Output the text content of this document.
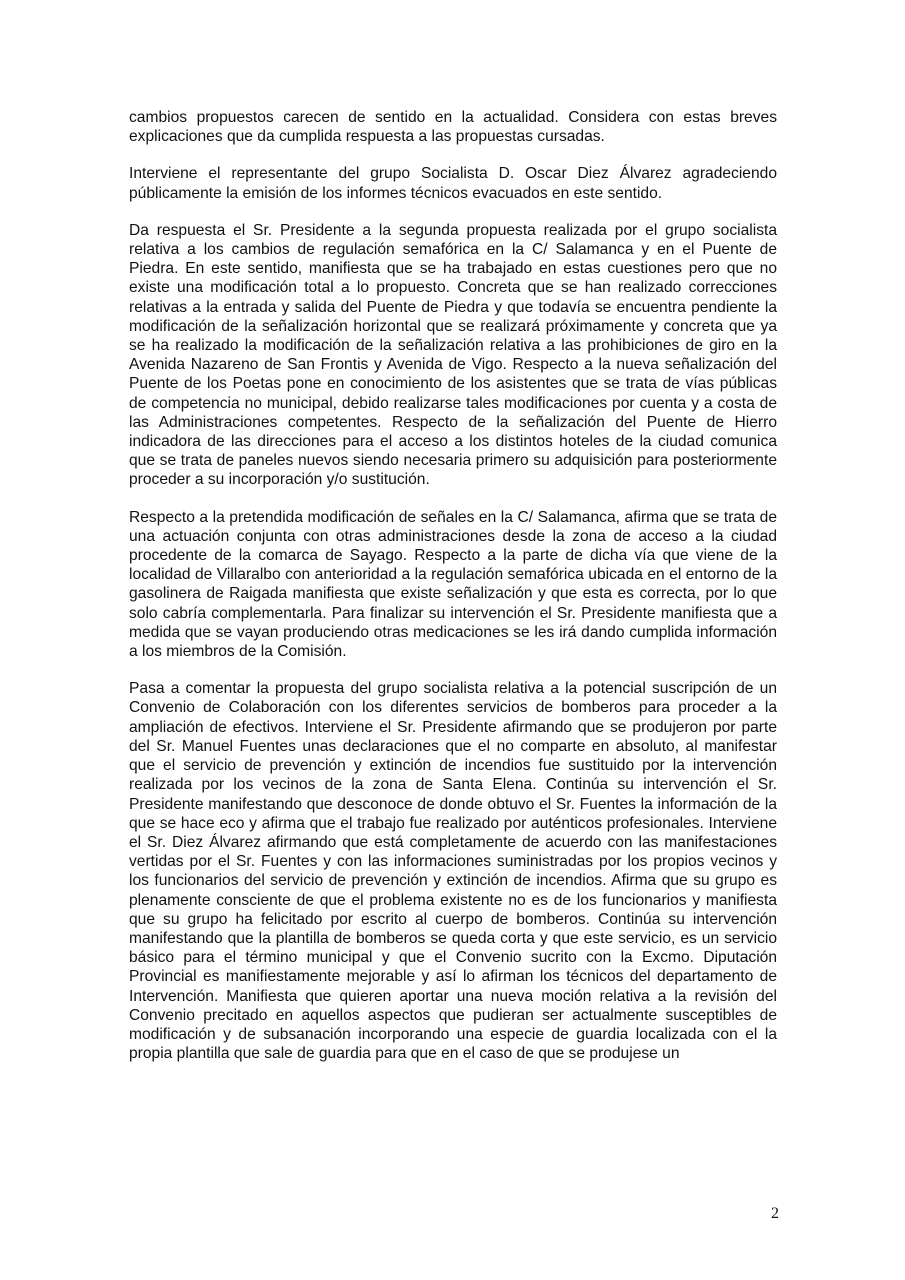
cambios propuestos carecen de sentido en la actualidad. Considera con estas breves explicaciones que da cumplida respuesta a las propuestas cursadas.

Interviene el representante del grupo Socialista D. Oscar Diez Álvarez agradeciendo públicamente la emisión de los informes técnicos evacuados en este sentido.

Da respuesta el Sr. Presidente a la segunda propuesta realizada por el grupo socialista relativa a los cambios de regulación semafórica en la C/ Salamanca y en el Puente de Piedra. En este sentido, manifiesta que se ha trabajado en estas cuestiones pero que no existe una modificación total a lo propuesto. Concreta que se han realizado correcciones relativas a la entrada y salida del Puente de Piedra y que todavía se encuentra pendiente la modificación de la señalización horizontal que se realizará próximamente y concreta que ya se ha realizado la modificación de la señalización relativa a las prohibiciones de giro en la Avenida Nazareno de San Frontis y Avenida de Vigo. Respecto a la nueva señalización del Puente de los Poetas pone en conocimiento de los asistentes que se trata de vías públicas de competencia no municipal, debido realizarse tales modificaciones por cuenta y a costa de las Administraciones competentes. Respecto de la señalización del Puente de Hierro indicadora de las direcciones para el acceso a los distintos hoteles de la ciudad comunica que se trata de paneles nuevos siendo necesaria primero su adquisición para posteriormente proceder a su incorporación y/o sustitución.

Respecto a la pretendida modificación de señales en la C/ Salamanca, afirma que se trata de una actuación conjunta con otras administraciones desde la zona de acceso a la ciudad procedente de la comarca de Sayago. Respecto a la parte de dicha vía que viene de la localidad de Villaralbo con anterioridad a la regulación semafórica ubicada en el entorno de la gasolinera de Raigada manifiesta que existe señalización y que esta es correcta, por lo que solo cabría complementarla. Para finalizar su intervención el Sr. Presidente manifiesta que a medida que se vayan produciendo otras medicaciones se les irá dando cumplida información a los miembros de la Comisión.

Pasa a comentar la propuesta del grupo socialista relativa a la potencial suscripción de un Convenio de Colaboración con los diferentes servicios de bomberos para proceder a la ampliación de efectivos. Interviene el Sr. Presidente afirmando que se produjeron por parte del Sr. Manuel Fuentes unas declaraciones que el no comparte en absoluto, al manifestar que el servicio de prevención y extinción de incendios fue sustituido por la intervención realizada por los vecinos de la zona de Santa Elena. Continúa su intervención el Sr. Presidente manifestando que desconoce de donde obtuvo el Sr. Fuentes la información de la que se hace eco y afirma que el trabajo fue realizado por auténticos profesionales. Interviene el Sr. Diez Álvarez afirmando que está completamente de acuerdo con las manifestaciones vertidas por el Sr. Fuentes y con las informaciones suministradas por los propios vecinos y los funcionarios del servicio de prevención y extinción de incendios. Afirma que su grupo es plenamente consciente de que el problema existente no es de los funcionarios y manifiesta que su grupo ha felicitado por escrito al cuerpo de bomberos. Continúa su intervención manifestando que la plantilla de bomberos se queda corta y que este servicio, es un servicio básico para el término municipal y que el Convenio sucrito con la Excmo. Diputación Provincial es manifiestamente mejorable y así lo afirman los técnicos del departamento de Intervención. Manifiesta que quieren aportar una nueva moción relativa a la revisión del Convenio precitado en aquellos aspectos que pudieran ser actualmente susceptibles de modificación y de subsanación incorporando una especie de guardia localizada con el la propia plantilla que sale de guardia para que en el caso de que se produjese un

2
